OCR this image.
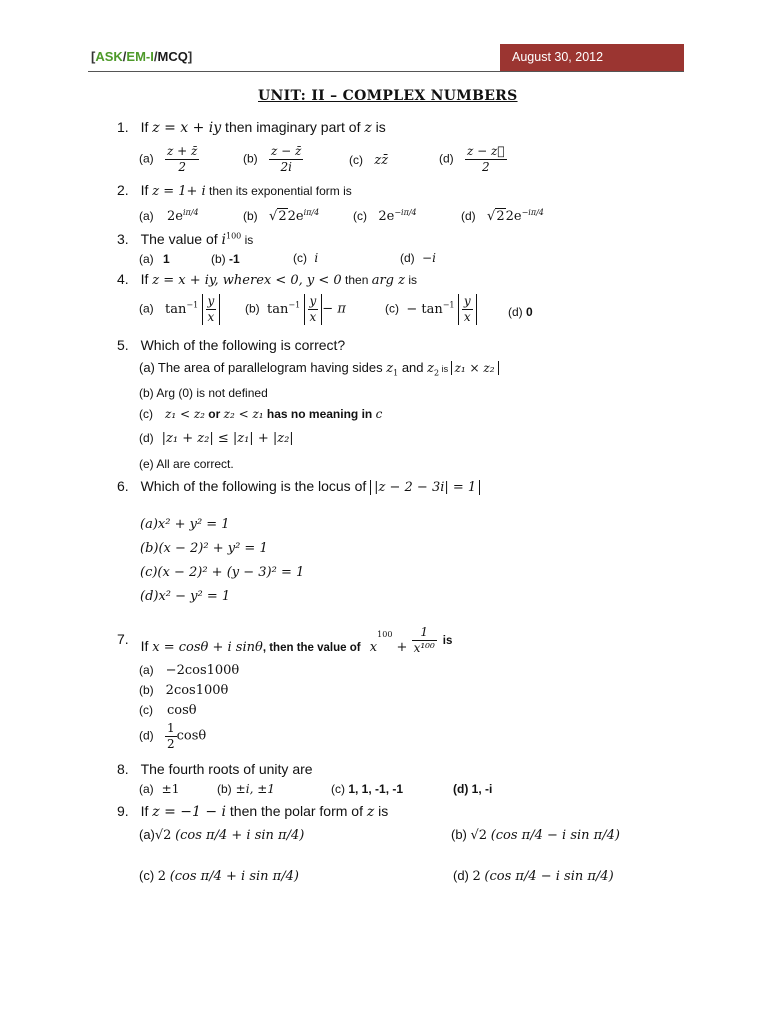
[ASK/EM-I/MCQ]	August 30, 2012
UNIT: II – COMPLEX NUMBERS
1. If z = x + iy then imaginary part of z is
$(a) \frac{z + z̄}{2}$	$(b) \frac{z - z̄}{2i}$	(c) zz̄	$(d) \frac{z - z⃗}{2}$
2. If z = 1+ i then its exponential form is
(a) $2e^{i\pi/4}$	(b) $√22e^{i\pi/4}$	(c) $2e^{-i\pi/4}$	(d) $√22e^{-i\pi/4}$
3. The value of $i^{100}$ is
(a) 1	(b) -1	(c) i	(d) −i
4. If z = x + iy, wherex < 0, y < 0 then arg z is
(a) $\tan^{-1} \frac{y}{x} (b)$ $\tan^{-1} \frac{y}{x} - \pi$	$(c) - \tan^{-1} \frac{y}{x}$	(d) 0
5. Which of the following is correct?
(a) The area of parallelogram having sides $z_1$ and $z_2$ is z₁ × z₂
(b) Arg (0) is not defined
(c) z₁ < z₂ or z₂ < z₁ has no meaning in c
(d) |z₁ + z₂| ≤ |z₁| + |z₂|
(e) All are correct.
6. Which of the following is the locus of |z − 2 − 3i| = 1
(a)x² + y² = 1
(b)(x − 2)² + y² = 1
(c)(x − 2)² + (y − 3)² = 1
(d)x² − y² = 1
7. If x = cosθ + i sinθ$_{, then the value of}$ $x^{100} + \frac{1}{\text{x¹⁰⁰}}$ is
(a) −2cos100θ
(b) 2cos100θ
(c) cosθ
$(d) \frac{1}{2}$ cosθ
8. The fourth roots of unity are
(a) ±1	(b) ±i, ±1	(c) 1, 1, -1, -1	(d) 1, -i
9. If z = −1 − i then the polar form of z is
(a)√2 (cos π/4 + i sin π/4)	(b) √2 (cos π/4 − i sin π/4)
(c) 2 (cos π/4 + i sin π/4)	(d) 2 (cos π/4 − i sin π/4)
